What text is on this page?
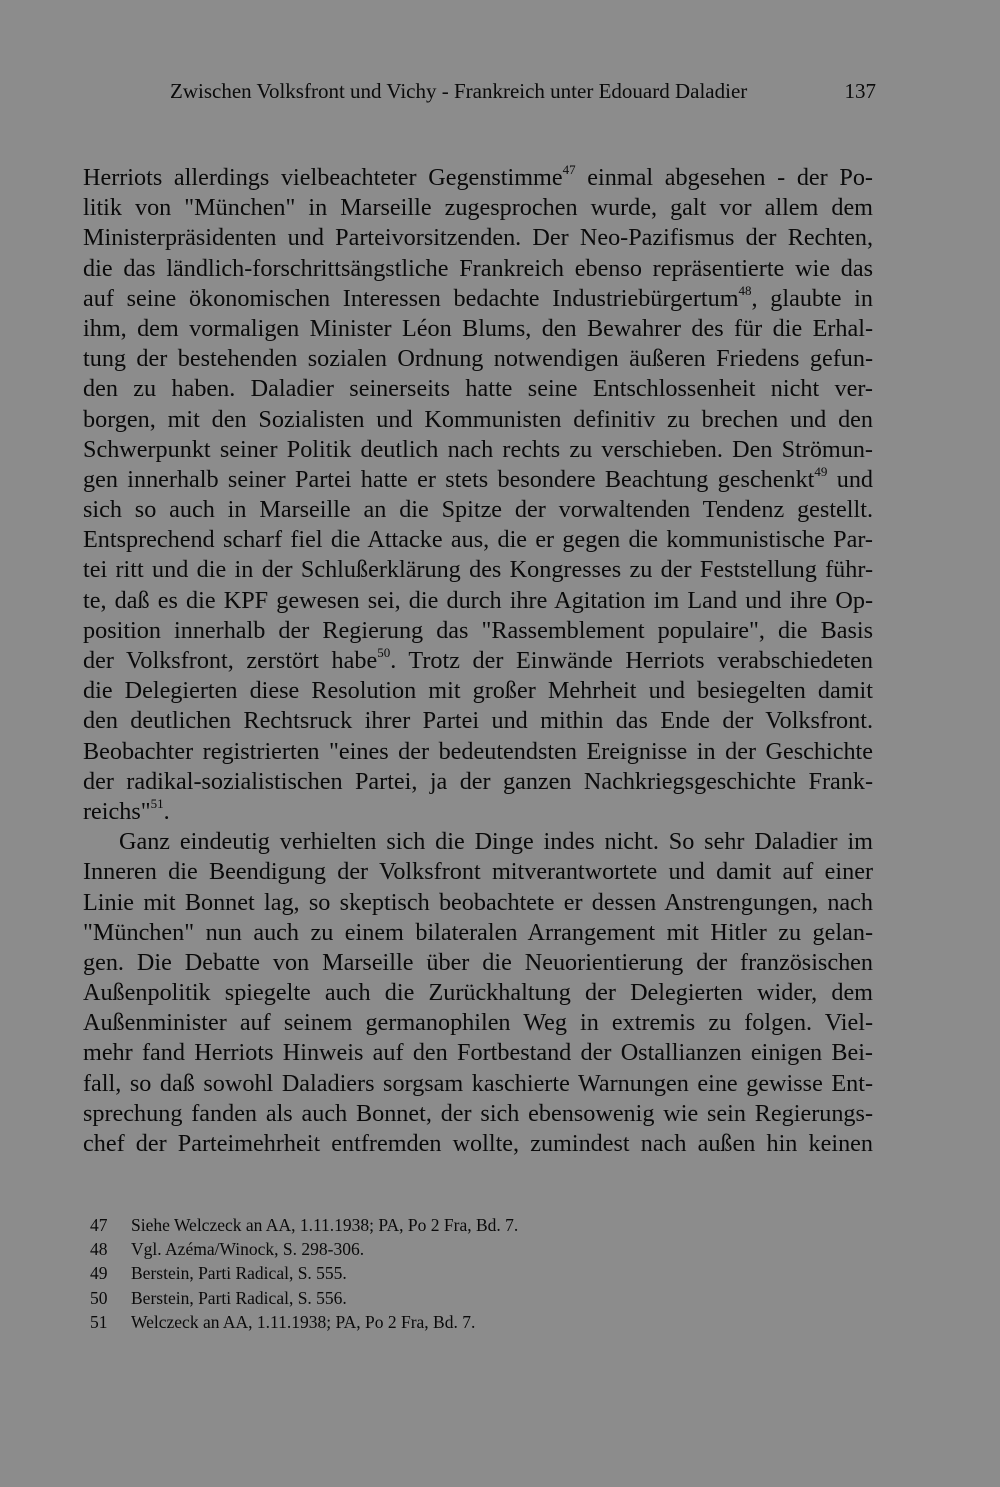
Zwischen Volksfront und Vichy - Frankreich unter Edouard Daladier	137
Herriots allerdings vielbeachteter Gegenstimme$^{47}$ einmal abgesehen - der Po-
litik von "München" in Marseille zugesprochen wurde, galt vor allem dem
Ministerpräsidenten und Parteivorsitzenden. Der Neo-Pazifismus der Rechten,
die das ländlich-forschrittsängstliche Frankreich ebenso repräsentierte wie das
auf seine ökonomischen Interessen bedachte Industriebürgertum$^{48}$, glaubte in
ihm, dem vormaligen Minister Léon Blums, den Bewahrer des für die Erhal-
tung der bestehenden sozialen Ordnung notwendigen äußeren Friedens gefun-
den zu haben. Daladier seinerseits hatte seine Entschlossenheit nicht ver-
borgen, mit den Sozialisten und Kommunisten definitiv zu brechen und den
Schwerpunkt seiner Politik deutlich nach rechts zu verschieben. Den Strömun-
gen innerhalb seiner Partei hatte er stets besondere Beachtung geschenkt$^{49}$ und
sich so auch in Marseille an die Spitze der vorwaltenden Tendenz gestellt.
Entsprechend scharf fiel die Attacke aus, die er gegen die kommunistische Par-
tei ritt und die in der Schlußerklärung des Kongresses zu der Feststellung führ-
te, daß es die KPF gewesen sei, die durch ihre Agitation im Land und ihre Op-
position innerhalb der Regierung das "Rassemblement populaire", die Basis
der Volksfront, zerstört habe$^{50}$. Trotz der Einwände Herriots verabschiedeten
die Delegierten diese Resolution mit großer Mehrheit und besiegelten damit
den deutlichen Rechtsruck ihrer Partei und mithin das Ende der Volksfront.
Beobachter registrierten "eines der bedeutendsten Ereignisse in der Geschichte
der radikal-sozialistischen Partei, ja der ganzen Nachkriegsgeschichte Frank-
reichs"$^{51}$.
Ganz eindeutig verhielten sich die Dinge indes nicht. So sehr Daladier im
Inneren die Beendigung der Volksfront mitverantwortete und damit auf einer
Linie mit Bonnet lag, so skeptisch beobachtete er dessen Anstrengungen, nach
"München" nun auch zu einem bilateralen Arrangement mit Hitler zu gelan-
gen. Die Debatte von Marseille über die Neuorientierung der französischen
Außenpolitik spiegelte auch die Zurückhaltung der Delegierten wider, dem
Außenminister auf seinem germanophilen Weg in extremis zu folgen. Viel-
mehr fand Herriots Hinweis auf den Fortbestand der Ostallianzen einigen Bei-
fall, so daß sowohl Daladiers sorgsam kaschierte Warnungen eine gewisse Ent-
sprechung fanden als auch Bonnet, der sich ebensowenig wie sein Regierungs-
chef der Parteimehrheit entfremden wollte, zumindest nach außen hin keinen
47 Siehe Welczeck an AA, 1.11.1938; PA, Po 2 Fra, Bd. 7.
48 Vgl. Azéma/Winock, S. 298-306.
49 Berstein, Parti Radical, S. 555.
50 Berstein, Parti Radical, S. 556.
51 Welczeck an AA, 1.11.1938; PA, Po 2 Fra, Bd. 7.
